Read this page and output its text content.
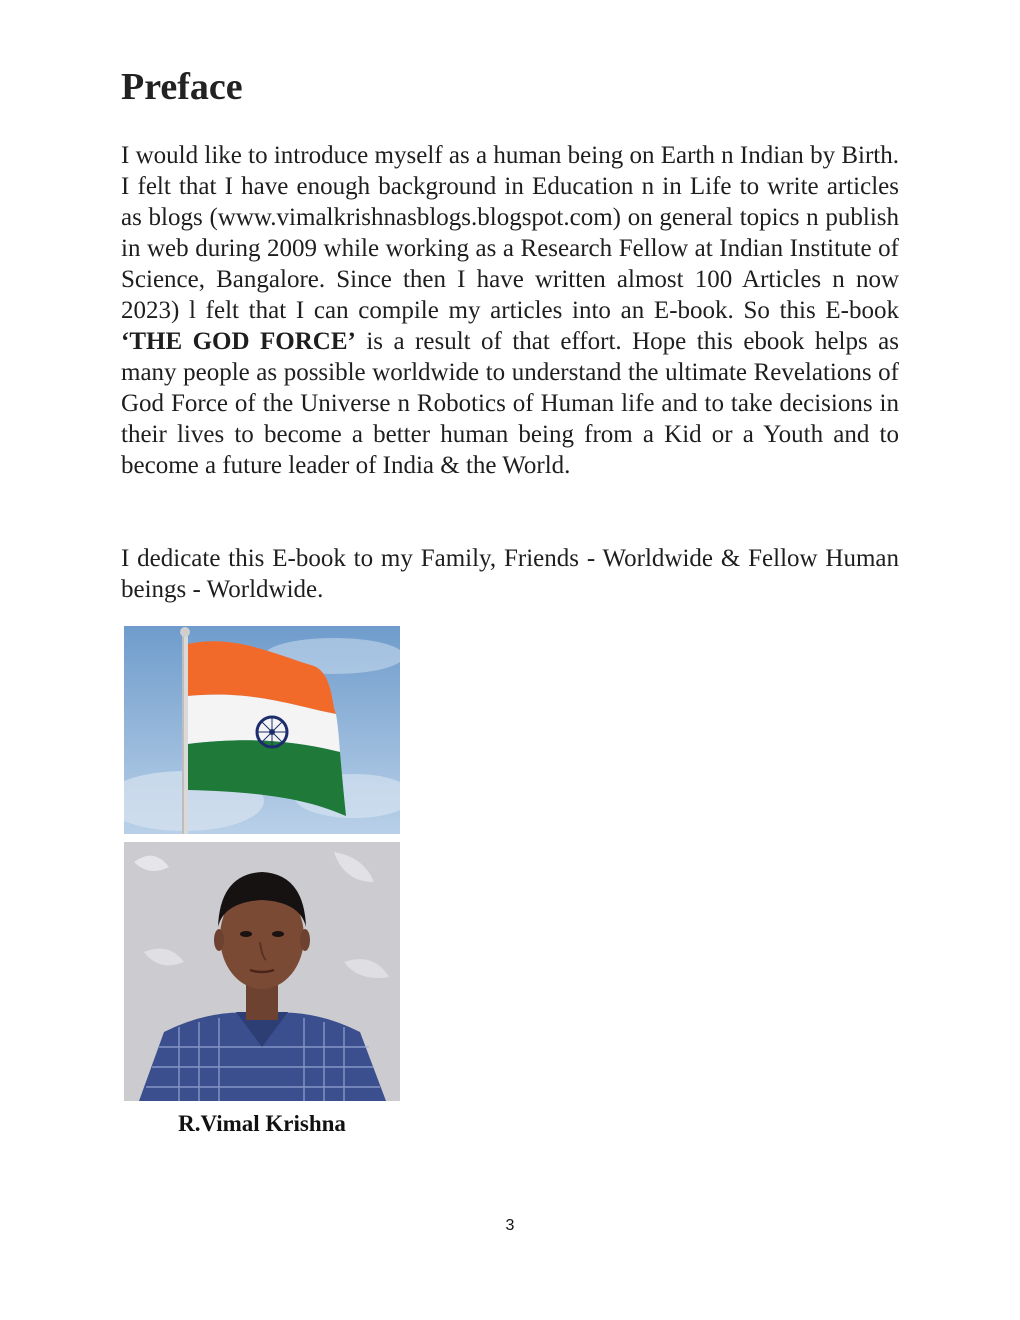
Preface

I would like to introduce myself as a human being on Earth n Indian by Birth. I felt that I have enough background in Education n in Life to write articles as blogs (www.vimalkrishnasblogs.blogspot.com) on general topics n publish in web during 2009 while working as a Research Fellow at Indian Institute of Science, Bangalore. Since then I have written almost 100 Articles n now 2023) l felt that I can compile my articles into an E-book. So this E-book ‘THE GOD FORCE’ is a result of that effort. Hope this ebook helps as many people as possible worldwide to understand the ultimate Revelations of God Force of the Universe n Robotics of Human life and to take decisions in their lives to become a better human being from a Kid or a Youth and to become a future leader of India & the World.

I dedicate this E-book to my Family, Friends - Worldwide & Fellow Human beings - Worldwide.

R.Vimal Krishna
3
